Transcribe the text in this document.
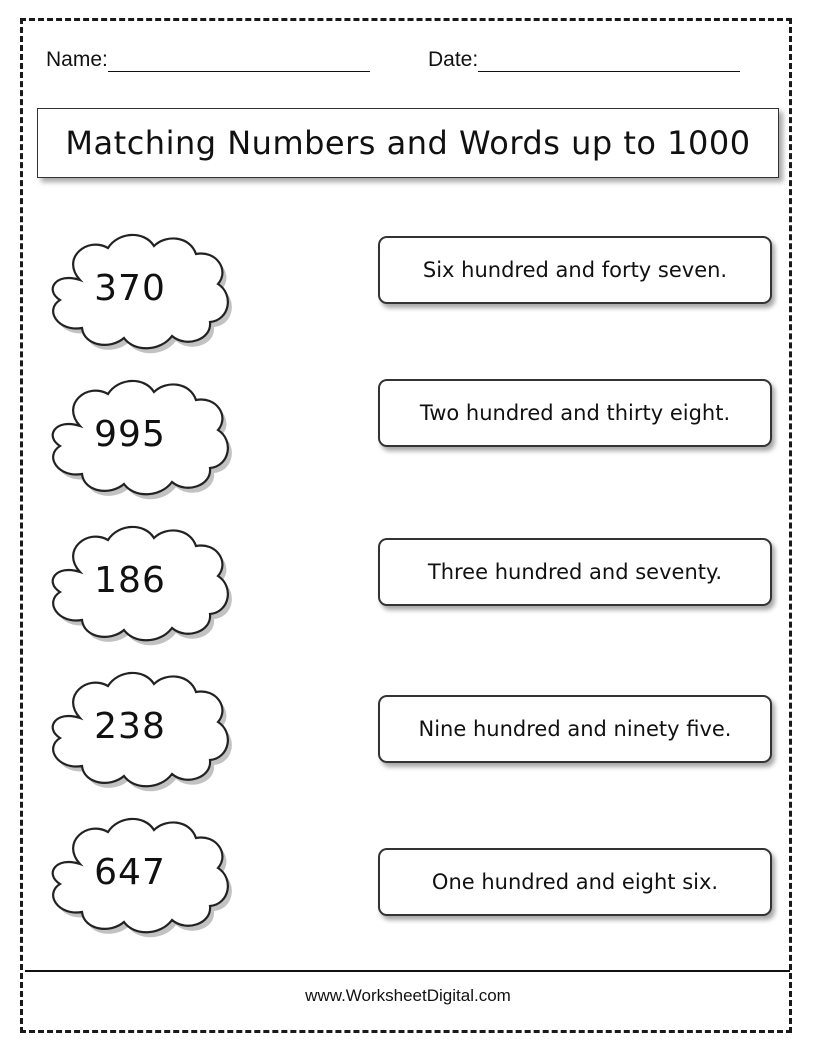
Name:	Date:
Matching Numbers and Words up to 1000
370
995
186
238
647
Six hundred and forty seven.
Two hundred and thirty eight.
Three hundred and seventy.
Nine hundred and ninety five.
One hundred and eight six.
www.WorksheetDigital.com
